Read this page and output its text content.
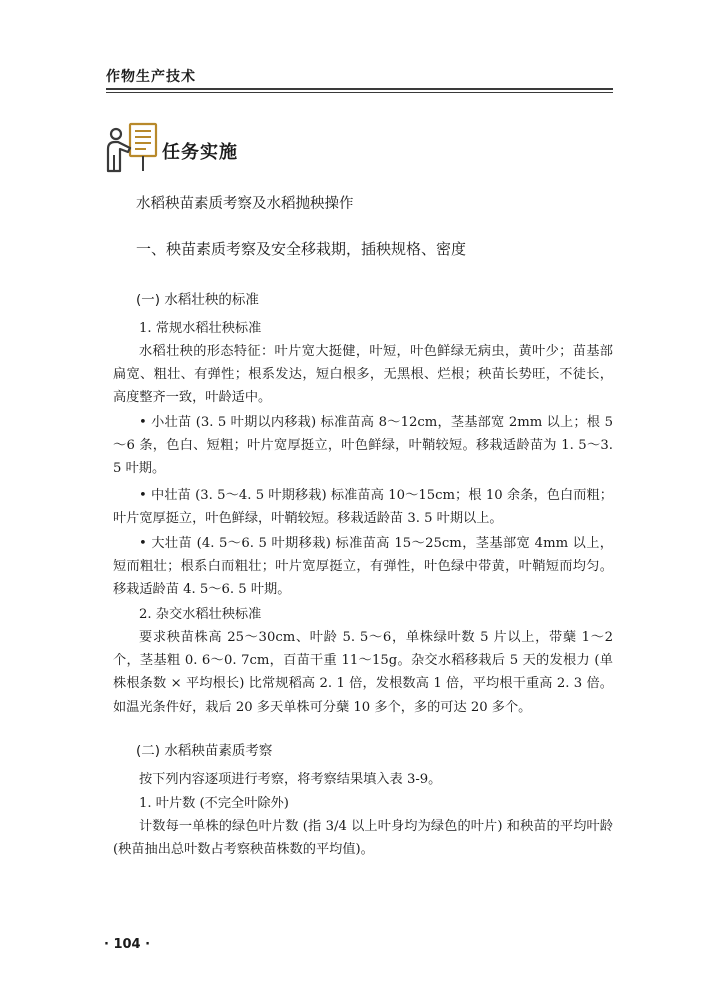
作物生产技术
任务实施
水稻秧苗素质考察及水稻抛秧操作
一、秧苗素质考察及安全移栽期，插秧规格、密度
(一) 水稻壮秧的标准
1. 常规水稻壮秧标准
水稻壮秧的形态特征：叶片宽大挺健，叶短，叶色鲜绿无病虫，黄叶少；苗基部扁宽、粗壮、有弹性；根系发达，短白根多，无黑根、烂根；秧苗长势旺，不徒长，高度整齐一致，叶龄适中。
• 小壮苗 (3. 5 叶期以内移栽) 标准苗高 8～12cm，茎基部宽 2mm 以上；根 5～6 条，色白、短粗；叶片宽厚挺立，叶色鲜绿，叶鞘较短。移栽适龄苗为 1. 5～3. 5 叶期。
• 中壮苗 (3. 5～4. 5 叶期移栽) 标准苗高 10～15cm；根 10 余条，色白而粗；叶片宽厚挺立，叶色鲜绿，叶鞘较短。移栽适龄苗 3. 5 叶期以上。
• 大壮苗 (4. 5～6. 5 叶期移栽) 标准苗高 15～25cm，茎基部宽 4mm 以上，短而粗壮；根系白而粗壮；叶片宽厚挺立，有弹性，叶色绿中带黄，叶鞘短而均匀。移栽适龄苗 4. 5～6. 5 叶期。
2. 杂交水稻壮秧标准
要求秧苗株高 25～30cm、叶龄 5. 5～6，单株绿叶数 5 片以上，带蘖 1～2 个，茎基粗 0. 6～0. 7cm，百苗干重 11～15g。杂交水稻移栽后 5 天的发根力 (单株根条数 × 平均根长) 比常规稻高 2. 1 倍，发根数高 1 倍，平均根干重高 2. 3 倍。如温光条件好，栽后 20 多天单株可分蘖 10 多个，多的可达 20 多个。
(二) 水稻秧苗素质考察
按下列内容逐项进行考察，将考察结果填入表 3-9。
1. 叶片数 (不完全叶除外)
计数每一单株的绿色叶片数 (指 3/4 以上叶身均为绿色的叶片) 和秧苗的平均叶龄 (秧苗抽出总叶数占考察秧苗株数的平均值)。
· 104 ·
